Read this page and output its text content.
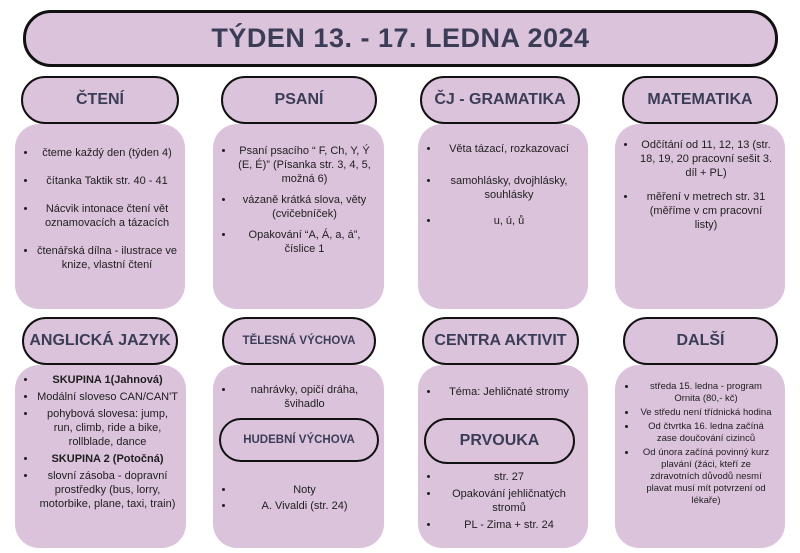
TÝDEN 13. - 17. LEDNA 2024
• čteme každý den (týden 4)
• čítanka Taktik str. 40 - 41
• Nácvik intonace čtení vět oznamovacích a tázacích
• čtenářská dílna - ilustrace ve knize, vlastní čtení
ČTENÍ
• Psaní psacího “ F, Ch, Y, Ý (E, É)” (Písanka str. 3, 4, 5, možná 6)
• vázaně krátká slova, věty (cvičebníček)
• Opakování “A, Á, a, á”, číslice 1
PSANÍ
• Věta tázací, rozkazovací
• samohlásky, dvojhlásky, souhlásky
• u, ú, ů
ČJ - GRAMATIKA
• Odčítání od 11, 12, 13 (str. 18, 19, 20 pracovní sešit 3. díl + PL)
• měření v metrech str. 31 (měříme v cm pracovní listy)
MATEMATIKA
• SKUPINA 1(Jahnová)
• Modální sloveso CAN/CAN'T
• pohybová slovesa: jump, run, climb, ride a bike, rollblade, dance
• SKUPINA 2 (Potočná)
• slovní zásoba - dopravní prostředky (bus, lorry, motorbike, plane, taxi, train)
ANGLICKÁ JAZYK
• nahrávky, opičí dráha, švihadlo
• Noty
• A. Vivaldi (str. 24)
TĚLESNÁ VÝCHOVA
HUDEBNÍ VÝCHOVA
• Téma: Jehličnaté stromy
• str. 27
• Opakování jehličnatých stromů
• PL - Zima + str. 24
CENTRA AKTIVIT
PRVOUKA
• středa 15. ledna - program Ornita (80,- kč)
• Ve středu není třídnická hodina
• Od čtvrtka 16. ledna začíná zase doučování cizinců
• Od února začíná povinný kurz plavání (žáci, kteří ze zdravotních důvodů nesmí plavat musí mít potvrzení od lékaře)
DALŠÍ
